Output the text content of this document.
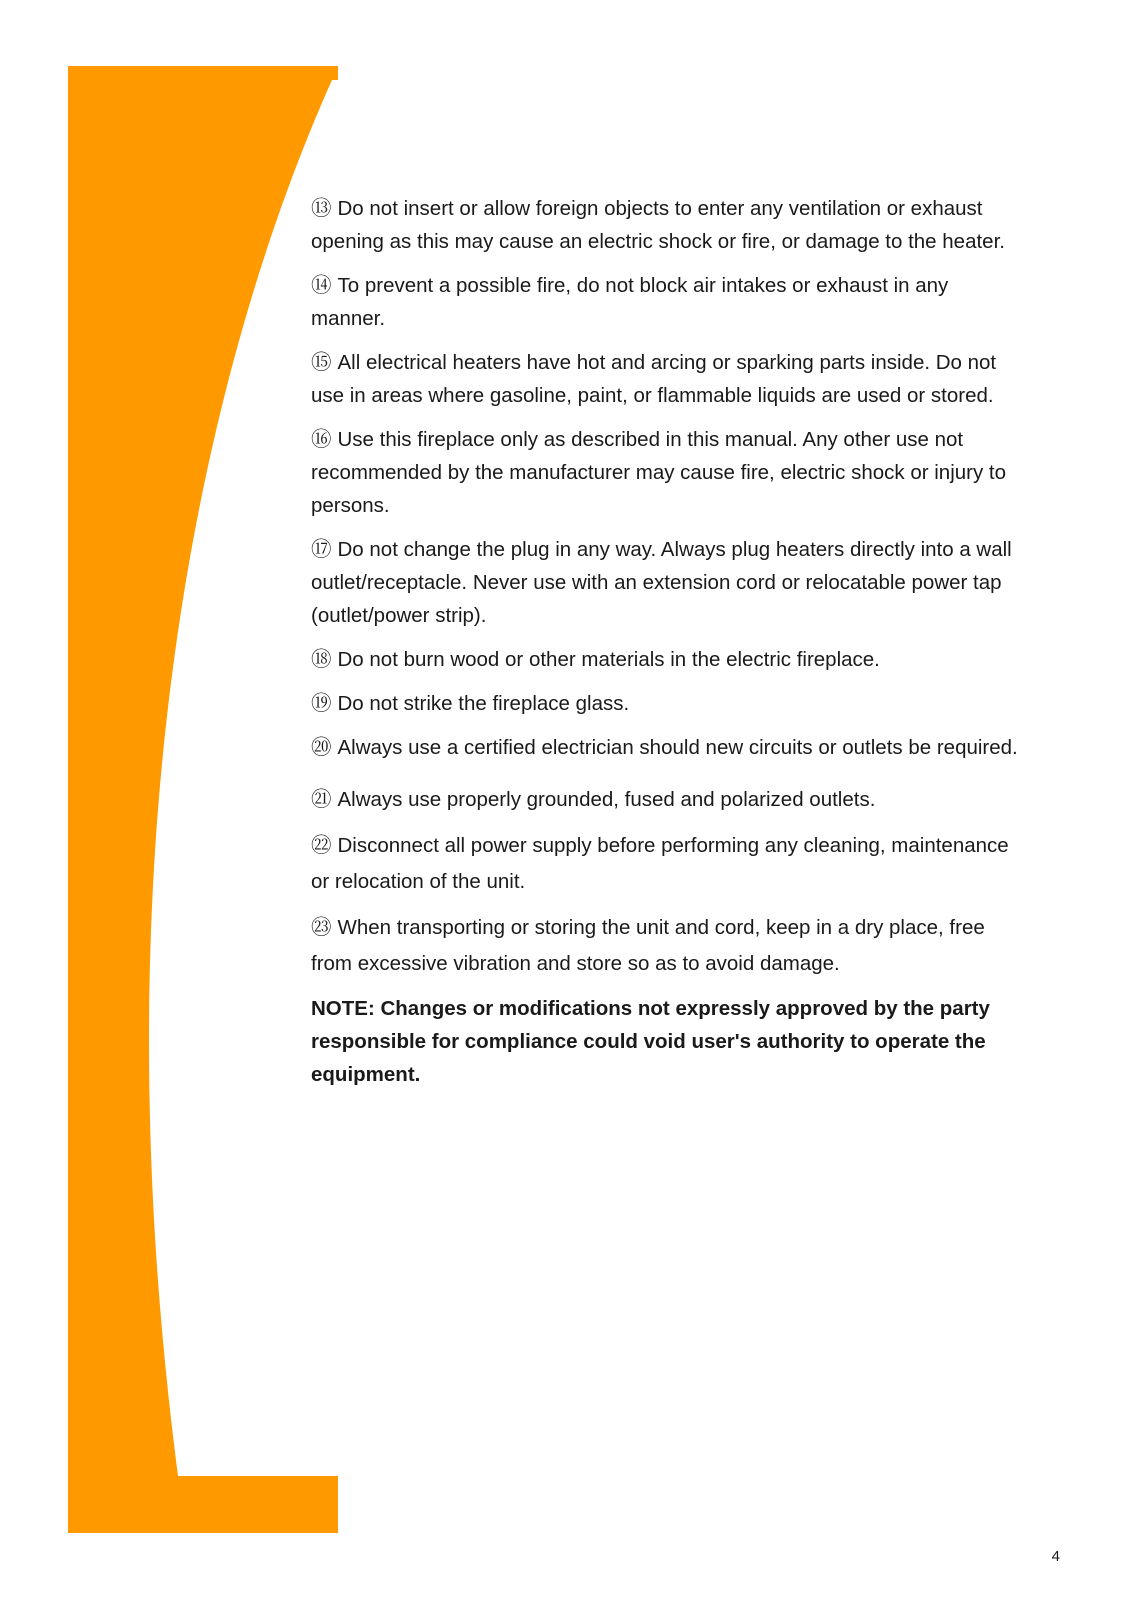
⑬ Do not insert or allow foreign objects to enter any ventilation or exhaust opening as this may cause an electric shock or fire, or damage to the heater.

⑭ To prevent a possible fire, do not block air intakes or exhaust in any manner.

⑮ All electrical heaters have hot and arcing or sparking parts inside. Do not use in areas where gasoline, paint, or flammable liquids are used or stored.

⑯ Use this fireplace only as described in this manual. Any other use not recommended by the manufacturer may cause fire, electric shock or injury to persons.

⑰ Do not change the plug in any way. Always plug heaters directly into a wall outlet/receptacle. Never use with an extension cord or relocatable power tap (outlet/power strip).

⑱ Do not burn wood or other materials in the electric fireplace.

⑲ Do not strike the fireplace glass.

⑳ Always use a certified electrician should new circuits or outlets be required.

㉑ Always use properly grounded, fused and polarized outlets.

㉒ Disconnect all power supply before performing any cleaning, maintenance or relocation of the unit.

㉓ When transporting or storing the unit and cord, keep in a dry place, free from excessive vibration and store so as to avoid damage.

NOTE: Changes or modifications not expressly approved by the party responsible for compliance could void user's authority to operate the equipment.

4
